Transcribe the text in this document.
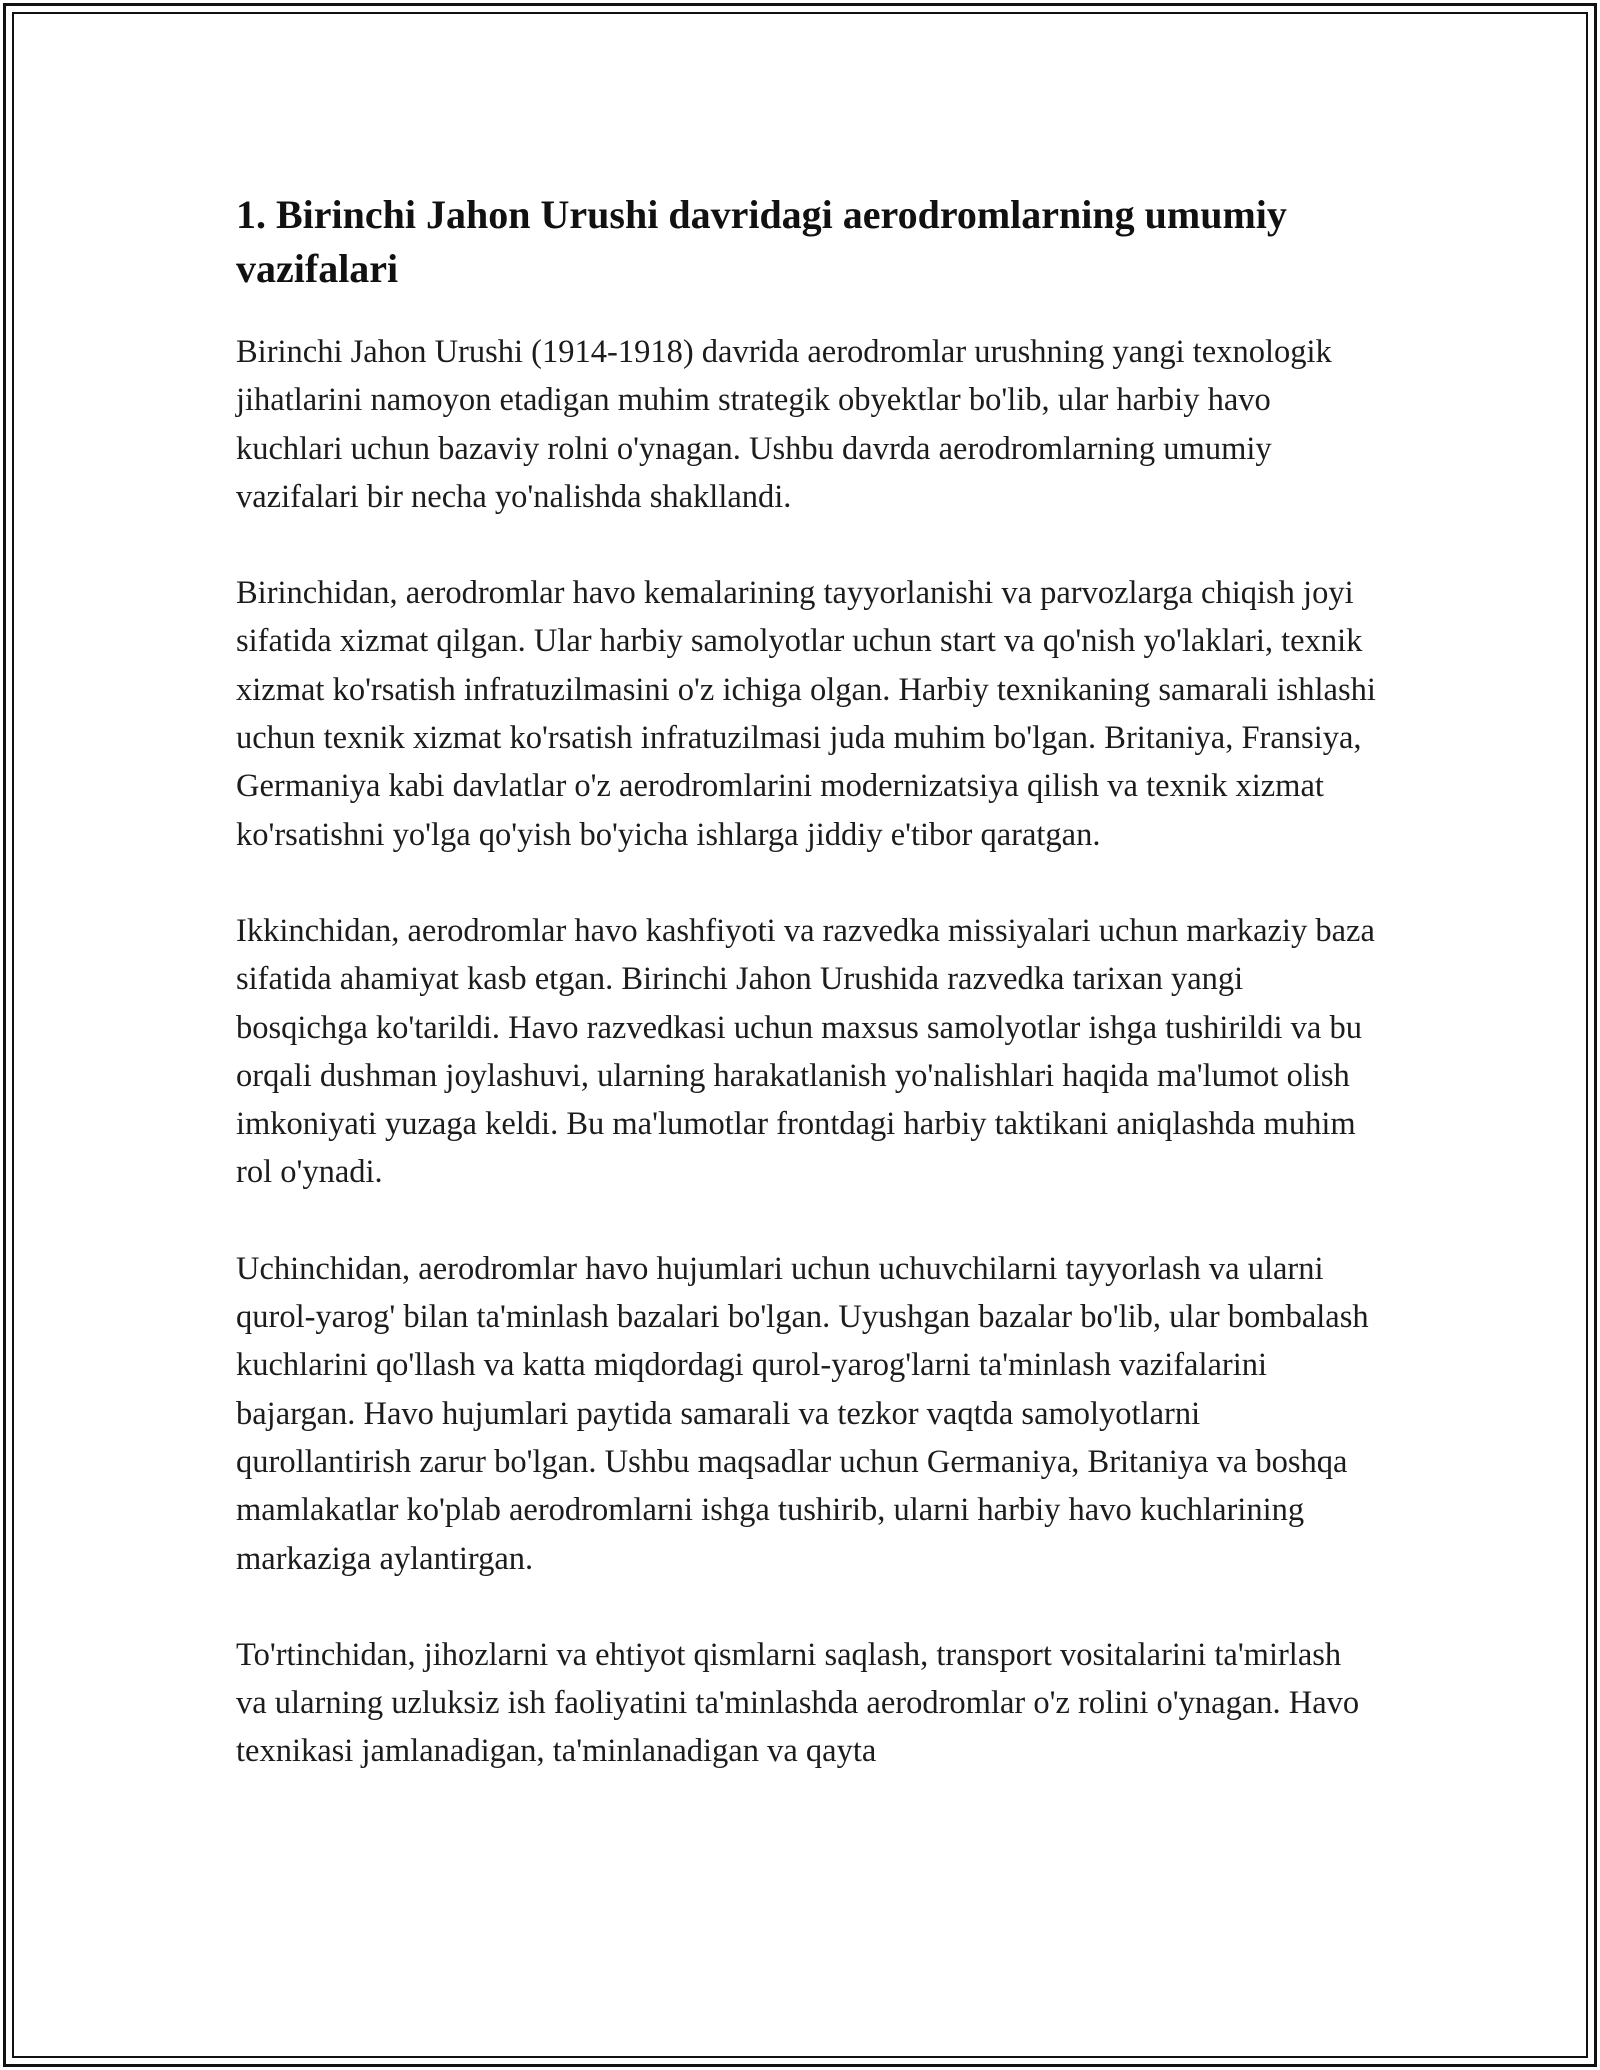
1. Birinchi Jahon Urushi davridagi aerodromlarning umumiy vazifalari

Birinchi Jahon Urushi (1914-1918) davrida aerodromlar urushning yangi texnologik jihatlarini namoyon etadigan muhim strategik obyektlar bo'lib, ular harbiy havo kuchlari uchun bazaviy rolni o'ynagan. Ushbu davrda aerodromlarning umumiy vazifalari bir necha yo'nalishda shakllandi.

Birinchidan, aerodromlar havo kemalarining tayyorlanishi va parvozlarga chiqish joyi sifatida xizmat qilgan. Ular harbiy samolyotlar uchun start va qo'nish yo'laklari, texnik xizmat ko'rsatish infratuzilmasini o'z ichiga olgan. Harbiy texnikaning samarali ishlashi uchun texnik xizmat ko'rsatish infratuzilmasi juda muhim bo'lgan. Britaniya, Fransiya, Germaniya kabi davlatlar o'z aerodromlarini modernizatsiya qilish va texnik xizmat ko'rsatishni yo'lga qo'yish bo'yicha ishlarga jiddiy e'tibor qaratgan.

Ikkinchidan, aerodromlar havo kashfiyoti va razvedka missiyalari uchun markaziy baza sifatida ahamiyat kasb etgan. Birinchi Jahon Urushida razvedka tarixan yangi bosqichga ko'tarildi. Havo razvedkasi uchun maxsus samolyotlar ishga tushirildi va bu orqali dushman joylashuvi, ularning harakatlanish yo'nalishlari haqida ma'lumot olish imkoniyati yuzaga keldi. Bu ma'lumotlar frontdagi harbiy taktikani aniqlashda muhim rol o'ynadi.

Uchinchidan, aerodromlar havo hujumlari uchun uchuvchilarni tayyorlash va ularni qurol-yarog' bilan ta'minlash bazalari bo'lgan. Uyushgan bazalar bo'lib, ular bombalash kuchlarini qo'llash va katta miqdordagi qurol-yarog'larni ta'minlash vazifalarini bajargan. Havo hujumlari paytida samarali va tezkor vaqtda samolyotlarni qurollantirish zarur bo'lgan. Ushbu maqsadlar uchun Germaniya, Britaniya va boshqa mamlakatlar ko'plab aerodromlarni ishga tushirib, ularni harbiy havo kuchlarining markaziga aylantirgan.

To'rtinchidan, jihozlarni va ehtiyot qismlarni saqlash, transport vositalarini ta'mirlash va ularning uzluksiz ish faoliyatini ta'minlashda aerodromlar o'z rolini o'ynagan. Havo texnikasi jamlanadigan, ta'minlanadigan va qayta
